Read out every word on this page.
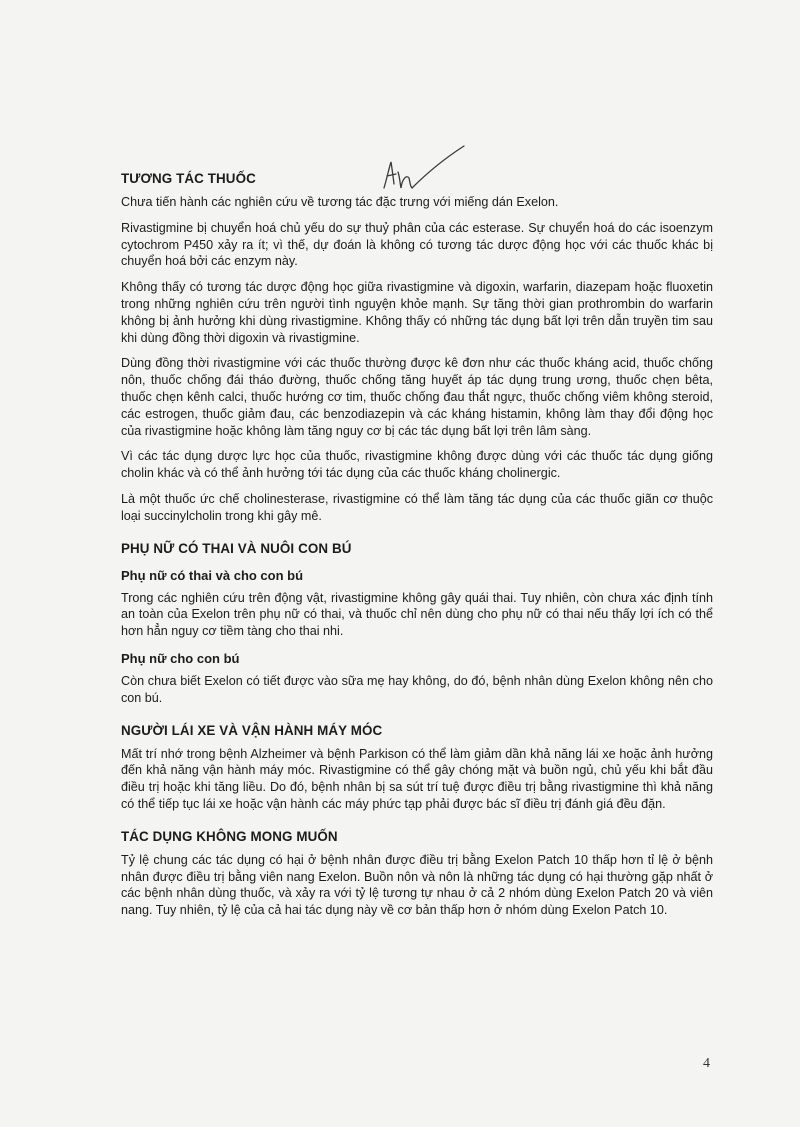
TƯƠNG TÁC THUỐC

Chưa tiến hành các nghiên cứu về tương tác đặc trưng với miếng dán Exelon.

Rivastigmine bị chuyển hoá chủ yếu do sự thuỷ phân của các esterase. Sự chuyển hoá do các isoenzym cytochrom P450 xảy ra ít; vì thế, dự đoán là không có tương tác dược động học với các thuốc khác bị chuyển hoá bởi các enzym này.

Không thấy có tương tác dược động học giữa rivastigmine và digoxin, warfarin, diazepam hoặc fluoxetin trong những nghiên cứu trên người tình nguyện khỏe mạnh. Sự tăng thời gian prothrombin do warfarin không bị ảnh hưởng khi dùng rivastigmine. Không thấy có những tác dụng bất lợi trên dẫn truyền tim sau khi dùng đồng thời digoxin và rivastigmine.

Dùng đồng thời rivastigmine với các thuốc thường được kê đơn như các thuốc kháng acid, thuốc chống nôn, thuốc chống đái tháo đường, thuốc chống tăng huyết áp tác dụng trung ương, thuốc chẹn bêta, thuốc chẹn kênh calci, thuốc hướng cơ tim, thuốc chống đau thắt ngực, thuốc chống viêm không steroid, các estrogen, thuốc giảm đau, các benzodiazepin và các kháng histamin, không làm thay đổi động học của rivastigmine hoặc không làm tăng nguy cơ bị các tác dụng bất lợi trên lâm sàng.

Vì các tác dụng dược lực học của thuốc, rivastigmine không được dùng với các thuốc tác dụng giống cholin khác và có thể ảnh hưởng tới tác dụng của các thuốc kháng cholinergic.

Là một thuốc ức chế cholinesterase, rivastigmine có thể làm tăng tác dụng của các thuốc giãn cơ thuộc loại succinylcholin trong khi gây mê.

PHỤ NỮ CÓ THAI VÀ NUÔI CON BÚ
Phụ nữ có thai và cho con bú

Trong các nghiên cứu trên động vật, rivastigmine không gây quái thai. Tuy nhiên, còn chưa xác định tính an toàn của Exelon trên phụ nữ có thai, và thuốc chỉ nên dùng cho phụ nữ có thai nếu thấy lợi ích có thể hơn hẳn nguy cơ tiềm tàng cho thai nhi.

Phụ nữ cho con bú

Còn chưa biết Exelon có tiết được vào sữa mẹ hay không, do đó, bệnh nhân dùng Exelon không nên cho con bú.

NGƯỜI LÁI XE VÀ VẬN HÀNH MÁY MÓC

Mất trí nhớ trong bệnh Alzheimer và bệnh Parkison có thể làm giảm dần khả năng lái xe hoặc ảnh hưởng đến khả năng vận hành máy móc. Rivastigmine có thể gây chóng mặt và buồn ngủ, chủ yếu khi bắt đầu điều trị hoặc khi tăng liều. Do đó, bệnh nhân bị sa sút trí tuệ được điều trị bằng rivastigmine thì khả năng có thể tiếp tục lái xe hoặc vận hành các máy phức tạp phải được bác sĩ điều trị đánh giá đều đặn.

TÁC DỤNG KHÔNG MONG MUỐN

Tỷ lệ chung các tác dụng có hại ở bệnh nhân được điều trị bằng Exelon Patch 10 thấp hơn tỉ lệ ở bệnh nhân được điều trị bằng viên nang Exelon. Buồn nôn và nôn là những tác dụng có hại thường gặp nhất ở các bệnh nhân dùng thuốc, và xảy ra với tỷ lệ tương tự nhau ở cả 2 nhóm dùng Exelon Patch 20 và viên nang. Tuy nhiên, tỷ lệ của cả hai tác dụng này về cơ bản thấp hơn ở nhóm dùng Exelon Patch 10.

4
